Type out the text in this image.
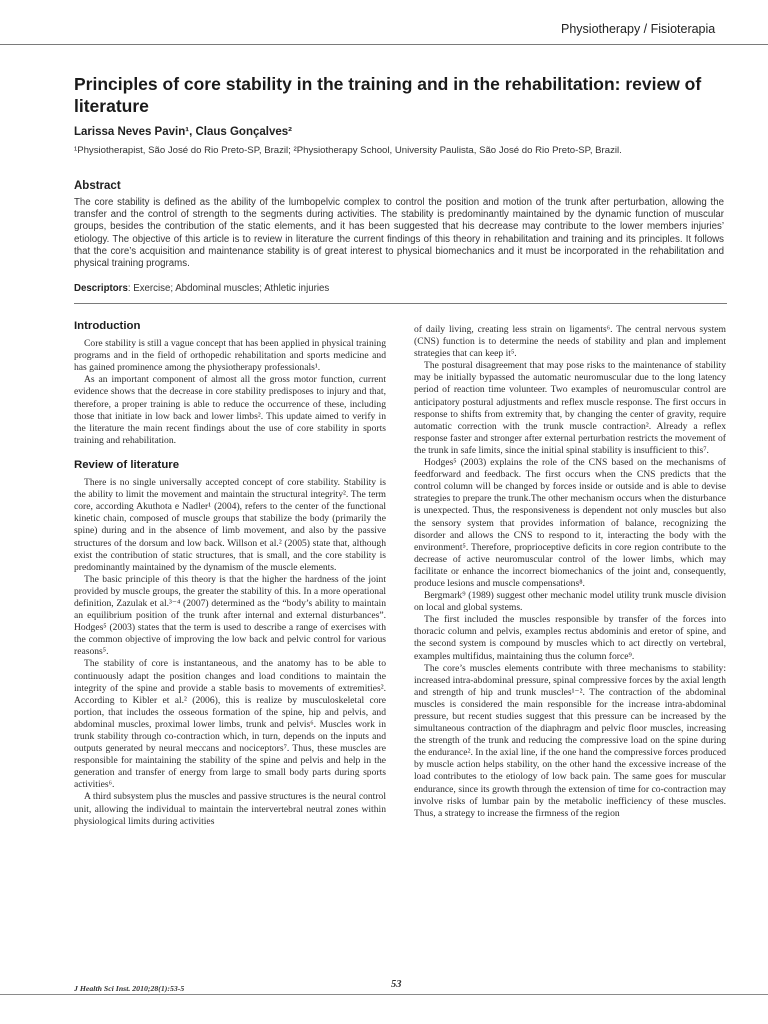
Physiotherapy / Fisioterapia
Principles of core stability in the training and in the rehabilitation: review of literature
Larissa Neves Pavin¹, Claus Gonçalves²
¹Physiotherapist, São José do Rio Preto-SP, Brazil; ²Physiotherapy School, University Paulista, São José do Rio Preto-SP, Brazil.
Abstract
The core stability is defined as the ability of the lumbopelvic complex to control the position and motion of the trunk after perturbation, allowing the transfer and the control of strength to the segments during activities. The stability is predominantly maintained by the dynamic function of muscular groups, besides the contribution of the static elements, and it has been suggested that his decrease may contribute to the lower members injuries’ etiology. The objective of this article is to review in literature the current findings of this theory in rehabilitation and training and its principles. It follows that the core’s acquisition and maintenance stability is of great interest to physical biomechanics and it must be incorporated in the rehabilitation and physical training programs.
Descriptors: Exercise; Abdominal muscles; Athletic injuries
Introduction

Core stability is still a vague concept that has been applied in physical training programs and in the field of orthopedic rehabilitation and sports medicine and has gained prominence among the physiotherapy professionals¹.

As an important component of almost all the gross motor function, current evidence shows that the decrease in core stability predisposes to injury and that, therefore, a proper training is able to reduce the occurrence of these, including those that initiate in low back and lower limbs². This update aimed to verify in the literature the main recent findings about the use of core stability in sports training and rehabilitation.

Review of literature

There is no single universally accepted concept of core stability. Stability is the ability to limit the movement and maintain the structural integrity². The term core, according Akuthota e Nadler¹ (2004), refers to the center of the functional kinetic chain, composed of muscle groups that stabilize the body (primarily the spine) during and in the absence of limb movement, and also by the passive structures of the dorsum and low back. Willson et al.² (2005) state that, although exist the contribution of static structures, that is small, and the core stability is predominantly maintained by the dynamism of the muscle elements.

The basic principle of this theory is that the higher the hardness of the joint provided by muscle groups, the greater the stability of this. In a more operational definition, Zazulak et al.³⁻⁴ (2007) determined as the “body’s ability to maintain an equilibrium position of the trunk after internal and external disturbances”. Hodges⁵ (2003) states that the term is used to describe a range of exercises with the common objective of improving the low back and pelvic control for various reasons⁵.

The stability of core is instantaneous, and the anatomy has to be able to continuously adapt the position changes and load conditions to maintain the integrity of the spine and provide a stable basis to movements of extremities². According to Kibler et al.² (2006), this is realize by musculoskeletal core portion, that includes the osseous formation of the spine, hip and pelvis, and abdominal muscles, proximal lower limbs, trunk and pelvis⁶. Muscles work in trunk stability through co-contraction which, in turn, depends on the inputs and outputs generated by neural meccans and nociceptors⁷. Thus, these muscles are responsible for maintaining the stability of the spine and pelvis and help in the generation and transfer of energy from large to small body parts during sports activities⁶.

A third subsystem plus the muscles and passive structures is the neural control unit, allowing the individual to maintain the intervertebral neutral zones within physiological limits during activities

of daily living, creating less strain on ligaments⁶. The central nervous system (CNS) function is to determine the needs of stability and plan and implement strategies that can keep it⁵.

The postural disagreement that may pose risks to the maintenance of stability may be initially bypassed the automatic neuromuscular due to the long latency period of reaction time volunteer. Two examples of neuromuscular control are anticipatory postural adjustments and reflex muscle response. The first occurs in response to shifts from extremity that, by changing the center of gravity, require automatic correction with the trunk muscle contraction². Already a reflex response faster and stronger after external perturbation restricts the movement of the trunk in safe limits, since the initial spinal stability is insufficient to this⁷.

Hodges⁵ (2003) explains the role of the CNS based on the mechanisms of feedforward and feedback. The first occurs when the CNS predicts that the control column will be changed by forces inside or outside and is able to devise strategies to prepare the trunk.The other mechanism occurs when the disturbance is unexpected. Thus, the responsiveness is dependent not only muscles but also the sensory system that provides information of balance, recognizing the disorder and allows the CNS to respond to it, interacting the body with the environment⁵. Therefore, proprioceptive deficits in core region contribute to the decrease of active neuromuscular control of the lower limbs, which may facilitate or enhance the incorrect biomechanics of the joint and, consequently, produce lesions and muscle compensations⁸.

Bergmark⁹ (1989) suggest other mechanic model utility trunk muscle division on local and global systems.

The first included the muscles responsible by transfer of the forces into thoracic column and pelvis, examples rectus abdominis and eretor of spine, and the second system is compound by muscles which to act directly on vertebral, examples multifidus, maintaining thus the column force⁹.

The core’s muscles elements contribute with three mechanisms to stability: increased intra-abdominal pressure, spinal compressive forces by the axial length and strength of hip and trunk muscles¹⁻². The contraction of the abdominal muscles is considered the main responsible for the increase intra-abdominal pressure, but recent studies suggest that this pressure can be increased by the simultaneous contraction of the diaphragm and pelvic floor muscles, increasing the strength of the trunk and reducing the compressive load on the spine during the endurance². In the axial line, if the one hand the compressive forces produced by muscle action helps stability, on the other hand the excessive increase of the load contributes to the etiology of low back pain. The same goes for muscular endurance, since its growth through the extension of time for co-contraction may involve risks of lumbar pain by the metabolic inefficiency of these muscles. Thus, a strategy to increase the firmness of the region

J Health Sci Inst. 2010;28(1):53-5	53
